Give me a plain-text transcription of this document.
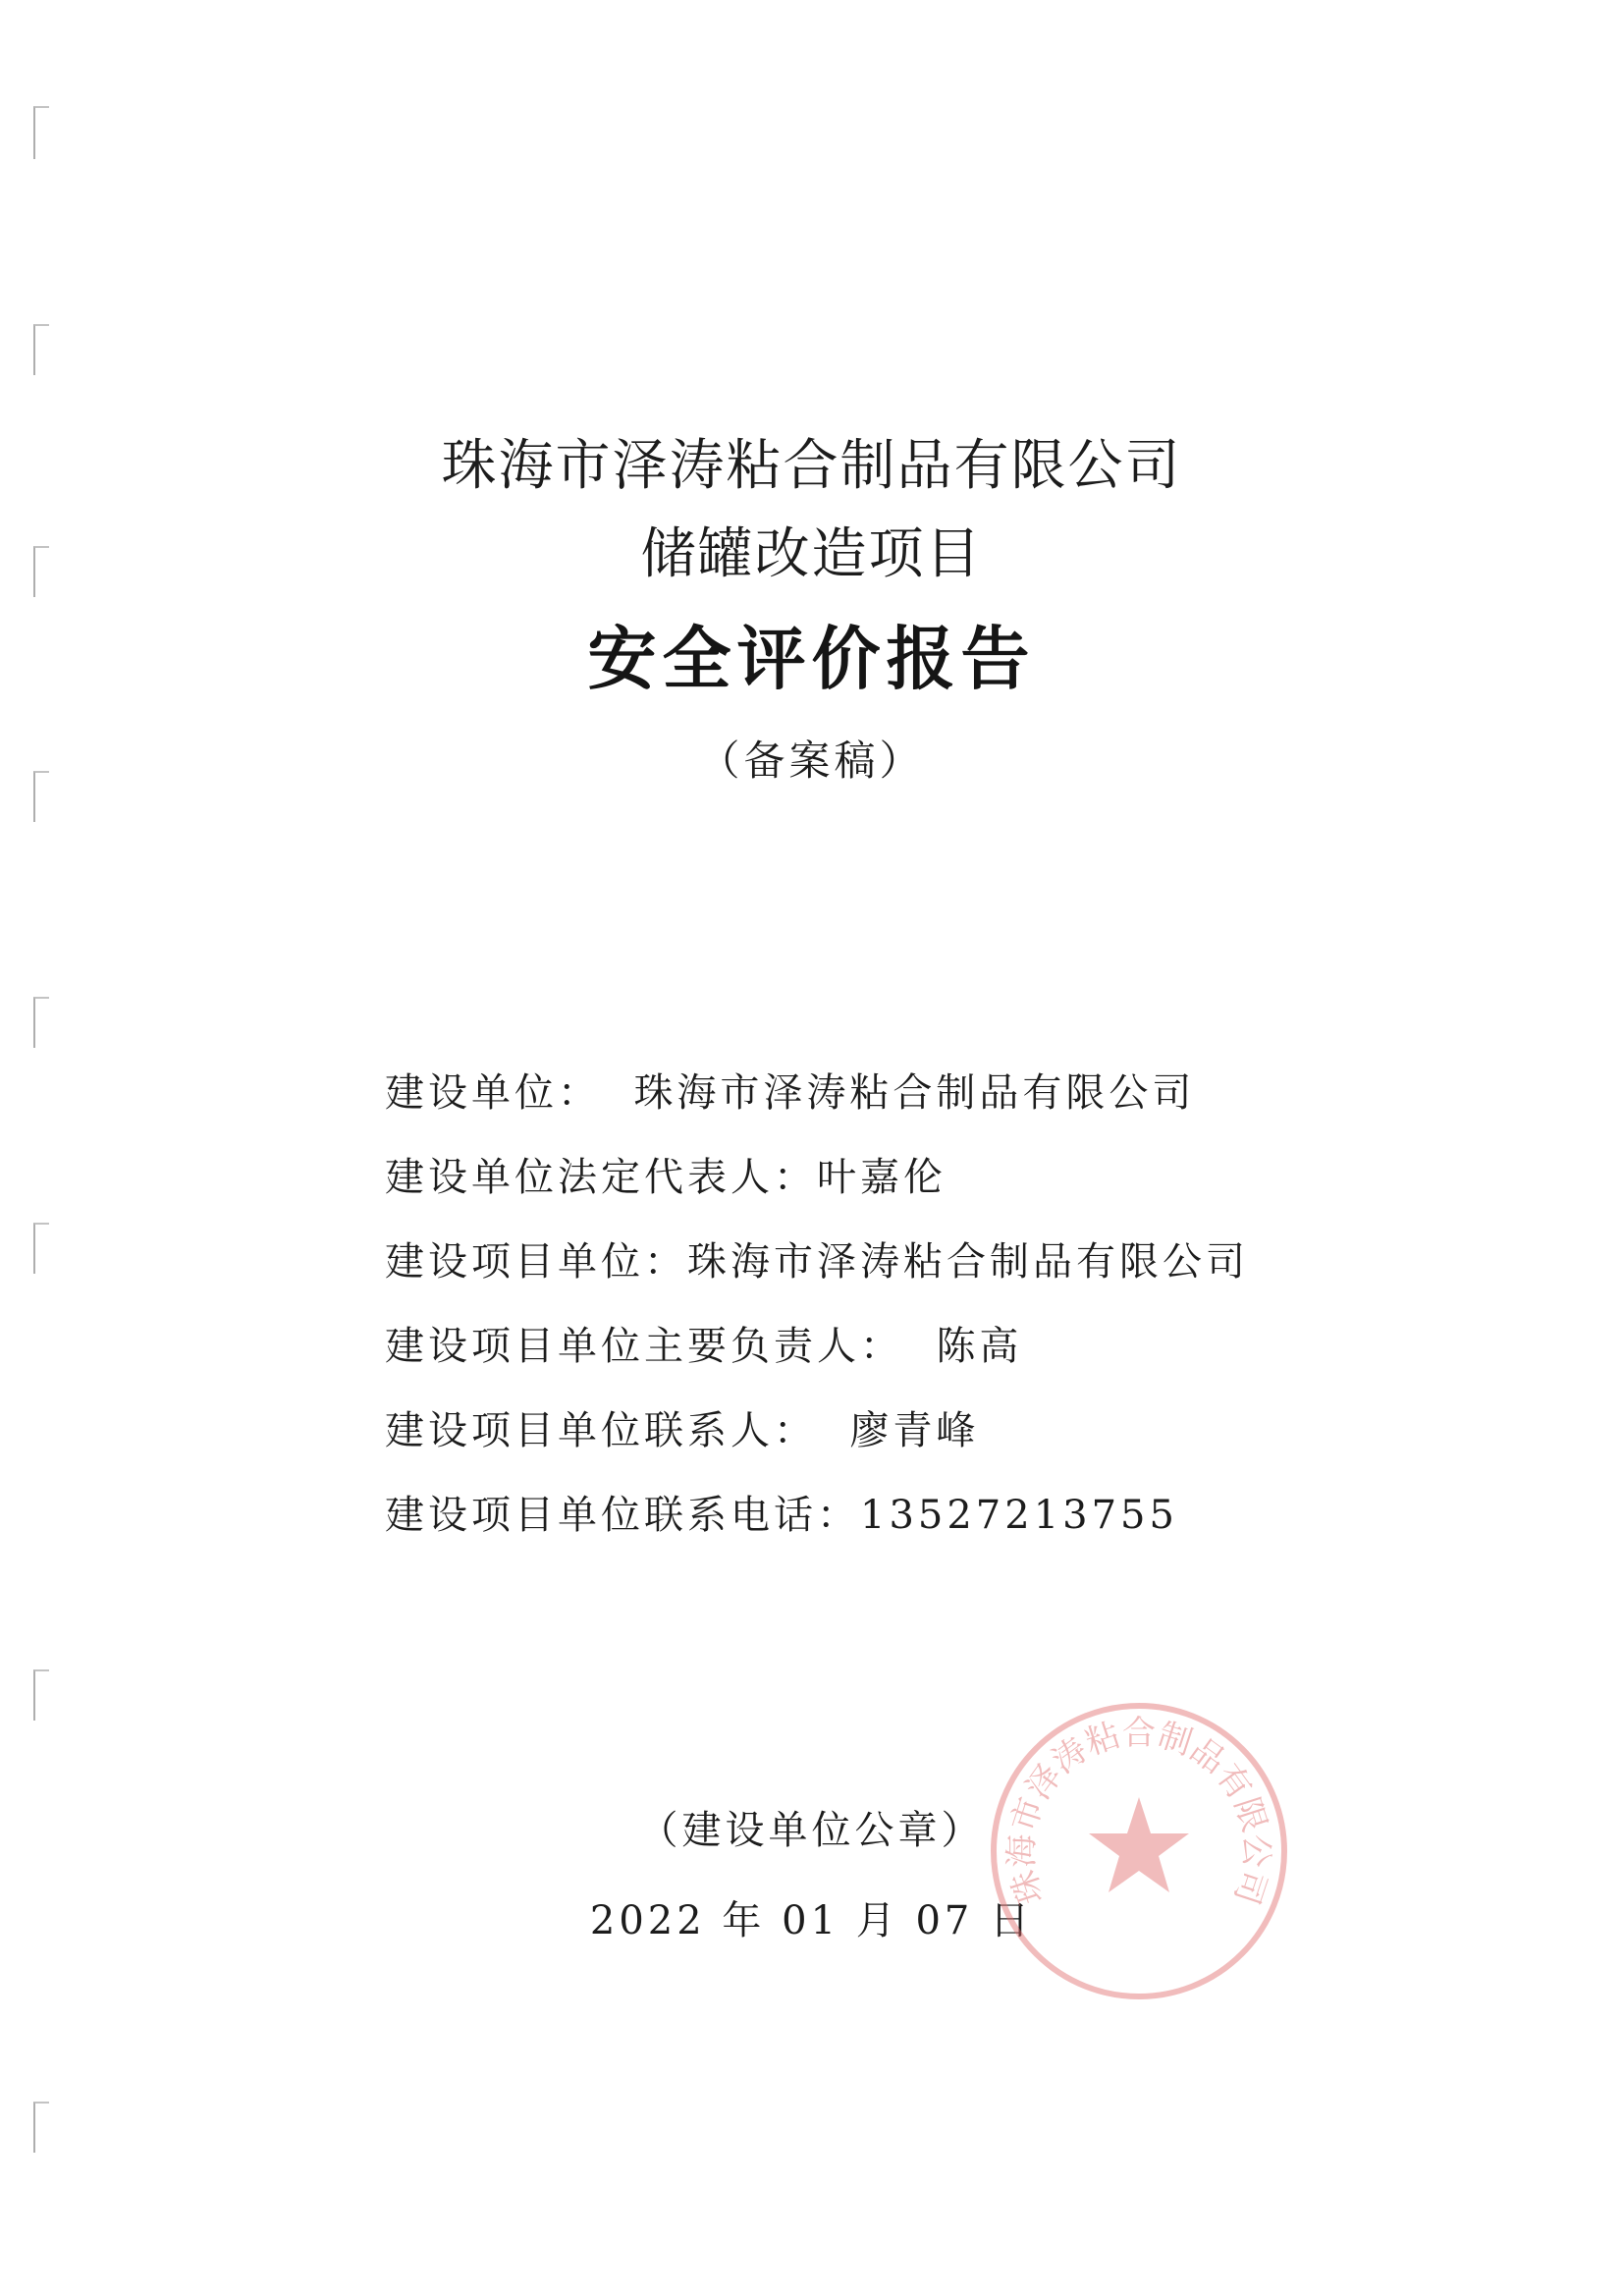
珠海市泽涛粘合制品有限公司
储罐改造项目
安全评价报告
（备案稿）
建设单位： 珠海市泽涛粘合制品有限公司
建设单位法定代表人：叶嘉伦
建设项目单位：珠海市泽涛粘合制品有限公司
建设项目单位主要负责人： 陈高
建设项目单位联系人： 廖青峰
建设项目单位联系电话：13527213755
（建设单位公章）
2022 年 01 月 07 日
珠海市泽涛粘合制品有限公司
